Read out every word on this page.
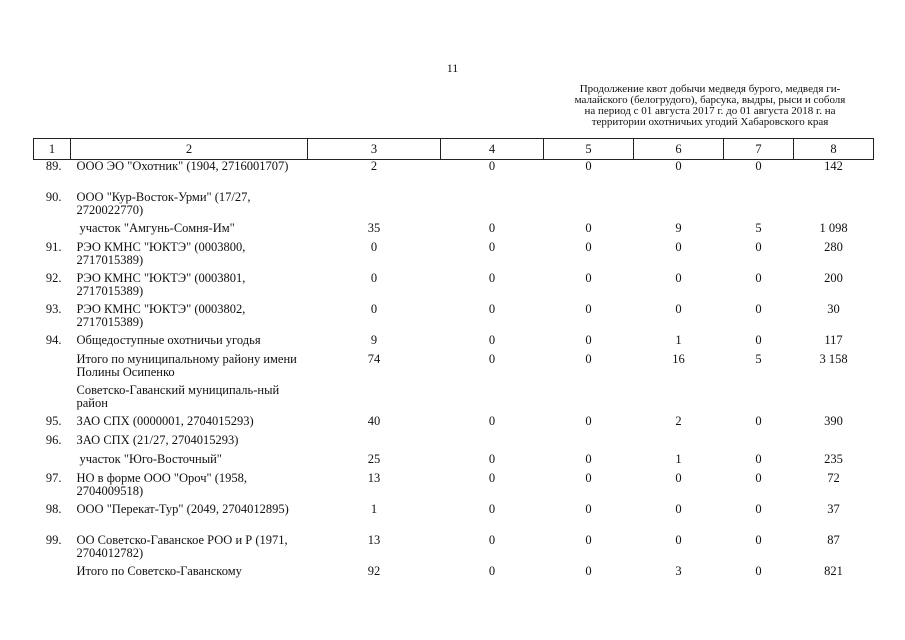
11
Продолжение квот добычи медведя бурого, медведя ги-
малайского (белогрудого), барсука, выдры, рыси и соболя
на период с 01 августа 2017 г. до 01 августа 2018 г. на
территории охотничьих угодий Хабаровского края
1	2	3	4	5	6	7	8
89.	ООО ЭО "Охотник" (1904, 2716001707)	2	0	0	0	0	142
90.	ООО "Кур-Восток-Урми" (17/27, 2720022770)						
	участок "Амгунь-Сомня-Им"	35	0	0	9	5	1 098
91.	РЭО КМНС "ЮКТЭ" (0003800, 2717015389)	0	0	0	0	0	280
92.	РЭО КМНС "ЮКТЭ" (0003801, 2717015389)	0	0	0	0	0	200
93.	РЭО КМНС "ЮКТЭ" (0003802, 2717015389)	0	0	0	0	0	30
94.	Общедоступные охотничьи угодья	9	0	0	1	0	117
	Итого по муниципальному району имени Полины Осипенко	74	0	0	16	5	3 158
	Советско-Гаванский муниципаль-ный район						
95.	ЗАО СПХ (0000001, 2704015293)	40	0	0	2	0	390
96.	ЗАО СПХ (21/27, 2704015293)						
	участок "Юго-Восточный"	25	0	0	1	0	235
97.	НО в форме ООО "Ороч" (1958, 2704009518)	13	0	0	0	0	72
98.	ООО "Перекат-Тур" (2049, 2704012895)	1	0	0	0	0	37
99.	ОО Советско-Гаванское РОО и Р (1971, 2704012782)	13	0	0	0	0	87
	Итого по Советско-Гаванскому	92	0	0	3	0	821
